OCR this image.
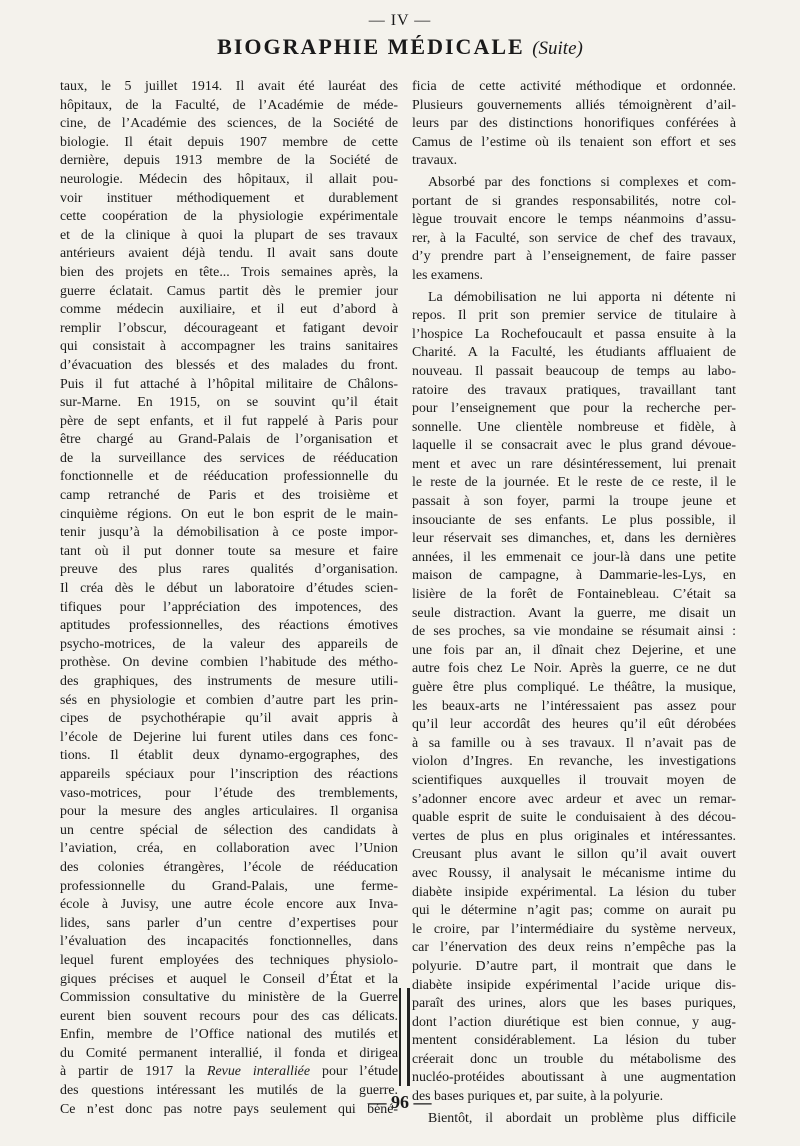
— IV —
BIOGRAPHIE MÉDICALE (Suite)

taux, le 5 juillet 1914. Il avait été lauréat des
hôpitaux, de la Faculté, de l’Académie de méde-
cine, de l’Académie des sciences, de la Société de
biologie. Il était depuis 1907 membre de cette
dernière, depuis 1913 membre de la Société de
neurologie. Médecin des hôpitaux, il allait pou-
voir instituer méthodiquement et durablement
cette coopération de la physiologie expérimentale
et de la clinique à quoi la plupart de ses travaux
antérieurs avaient déjà tendu. Il avait sans doute
bien des projets en tête... Trois semaines après, la
guerre éclatait. Camus partit dès le premier jour
comme médecin auxiliaire, et il eut d’abord à
remplir l’obscur, décourageant et fatigant devoir
qui consistait à accompagner les trains sanitaires
d’évacuation des blessés et des malades du front.
Puis il fut attaché à l’hôpital militaire de Châlons-
sur-Marne. En 1915, on se souvint qu’il était
père de sept enfants, et il fut rappelé à Paris pour
être chargé au Grand-Palais de l’organisation et
de la surveillance des services de rééducation
fonctionnelle et de rééducation professionnelle du
camp retranché de Paris et des troisième et
cinquième régions. On eut le bon esprit de le main-
tenir jusqu’à la démobilisation à ce poste impor-
tant où il put donner toute sa mesure et faire
preuve des plus rares qualités d’organisation.
Il créa dès le début un laboratoire d’études scien-
tifiques pour l’appréciation des impotences, des
aptitudes professionnelles, des réactions émotives
psycho-motrices, de la valeur des appareils de
prothèse. On devine combien l’habitude des métho-
des graphiques, des instruments de mesure utili-
sés en physiologie et combien d’autre part les prin-
cipes de psychothérapie qu’il avait appris à
l’école de Dejerine lui furent utiles dans ces fonc-
tions. Il établit deux dynamo-ergographes, des
appareils spéciaux pour l’inscription des réactions
vaso-motrices, pour l’étude des tremblements,
pour la mesure des angles articulaires. Il organisa
un centre spécial de sélection des candidats à
l’aviation, créa, en collaboration avec l’Union
des colonies étrangères, l’école de rééducation
professionnelle du Grand-Palais, une ferme-
école à Juvisy, une autre école encore aux Inva-
lides, sans parler d’un centre d’expertises pour
l’évaluation des incapacités fonctionnelles, dans
lequel furent employées des techniques physiolo-
giques précises et auquel le Conseil d’État et la
Commission consultative du ministère de la Guerre
eurent bien souvent recours pour des cas délicats.
Enfin, membre de l’Office national des mutilés et
du Comité permanent interallié, il fonda et dirigea
à partir de 1917 la Revue interalliée pour l’étude
des questions intéressant les mutilés de la guerre.
Ce n’est donc pas notre pays seulement qui béné-

ficia de cette activité méthodique et ordonnée.
Plusieurs gouvernements alliés témoignèrent d’ail-
leurs par des distinctions honorifiques conférées à
Camus de l’estime où ils tenaient son effort et ses
travaux.

Absorbé par des fonctions si complexes et com-
portant de si grandes responsabilités, notre col-
lègue trouvait encore le temps néanmoins d’assu-
rer, à la Faculté, son service de chef des travaux,
d’y prendre part à l’enseignement, de faire passer
les examens.

La démobilisation ne lui apporta ni détente ni
repos. Il prit son premier service de titulaire à
l’hospice La Rochefoucault et passa ensuite à la
Charité. A la Faculté, les étudiants affluaient de
nouveau. Il passait beaucoup de temps au labo-
ratoire des travaux pratiques, travaillant tant
pour l’enseignement que pour la recherche per-
sonnelle. Une clientèle nombreuse et fidèle, à
laquelle il se consacrait avec le plus grand dévoue-
ment et avec un rare désintéressement, lui prenait
le reste de la journée. Et le reste de ce reste, il le
passait à son foyer, parmi la troupe jeune et
insouciante de ses enfants. Le plus possible, il
leur réservait ses dimanches, et, dans les dernières
années, il les emmenait ce jour-là dans une petite
maison de campagne, à Dammarie-les-Lys, en
lisière de la forêt de Fontainebleau. C’était sa
seule distraction. Avant la guerre, me disait un
de ses proches, sa vie mondaine se résumait ainsi :
une fois par an, il dînait chez Dejerine, et une
autre fois chez Le Noir. Après la guerre, ce ne dut
guère être plus compliqué. Le théâtre, la musique,
les beaux-arts ne l’intéressaient pas assez pour
qu’il leur accordât des heures qu’il eût dérobées
à sa famille ou à ses travaux. Il n’avait pas de
violon d’Ingres. En revanche, les investigations
scientifiques auxquelles il trouvait moyen de
s’adonner encore avec ardeur et avec un remar-
quable esprit de suite le conduisaient à des décou-
vertes de plus en plus originales et intéressantes.
Creusant plus avant le sillon qu’il avait ouvert
avec Roussy, il analysait le mécanisme intime du
diabète insipide expérimental. La lésion du tuber
qui le détermine n’agit pas; comme on aurait pu
le croire, par l’intermédiaire du système nerveux,
car l’énervation des deux reins n’empêche pas la
polyurie. D’autre part, il montrait que dans le
diabète insipide expérimental l’acide urique dis-
paraît des urines, alors que les bases puriques,
dont l’action diurétique est bien connue, y aug-
mentent considérablement. La lésion du tuber
créerait donc un trouble du métabolisme des
nucléo-protéides aboutissant à une augmentation
des bases puriques et, par suite, à la polyurie.

Bientôt, il abordait un problème plus difficile

— 96 —
